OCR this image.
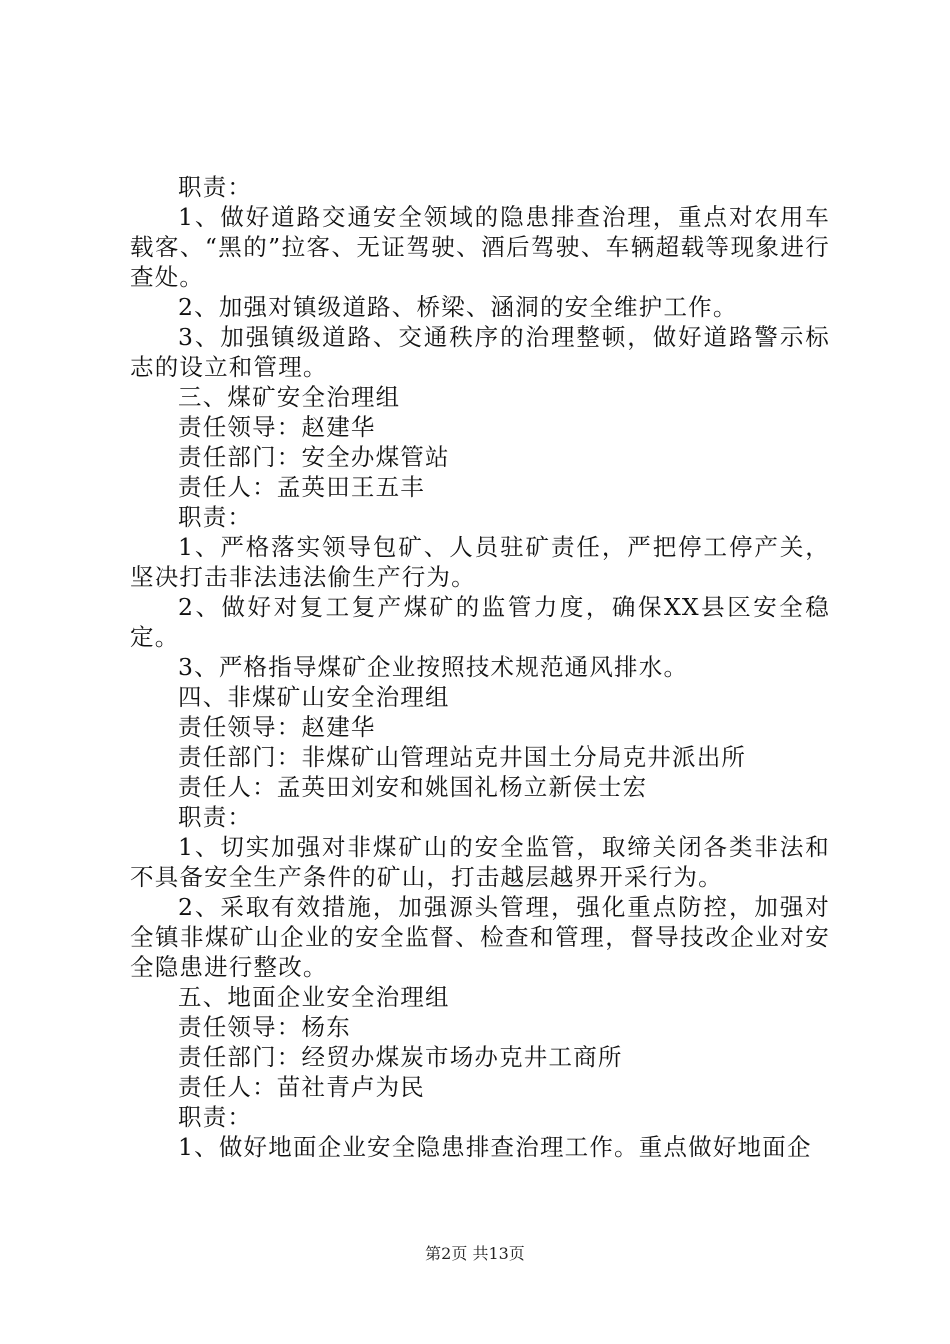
职责：

1、做好道路交通安全领域的隐患排查治理，重点对农用车载客、“黑的”拉客、无证驾驶、酒后驾驶、车辆超载等现象进行查处。

2、加强对镇级道路、桥梁、涵洞的安全维护工作。

3、加强镇级道路、交通秩序的治理整顿，做好道路警示标志的设立和管理。

三、煤矿安全治理组

责任领导：赵建华

责任部门：安全办煤管站

责任人：孟英田王五丰

职责：

1、严格落实领导包矿、人员驻矿责任，严把停工停产关，坚决打击非法违法偷生产行为。

2、做好对复工复产煤矿的监管力度，确保XX县区安全稳定。

3、严格指导煤矿企业按照技术规范通风排水。

四、非煤矿山安全治理组

责任领导：赵建华

责任部门：非煤矿山管理站克井国土分局克井派出所

责任人：孟英田刘安和姚国礼杨立新侯士宏

职责：

1、切实加强对非煤矿山的安全监管，取缔关闭各类非法和不具备安全生产条件的矿山，打击越层越界开采行为。

2、采取有效措施，加强源头管理，强化重点防控，加强对全镇非煤矿山企业的安全监督、检查和管理，督导技改企业对安全隐患进行整改。

五、地面企业安全治理组

责任领导：杨东

责任部门：经贸办煤炭市场办克井工商所

责任人：苗社青卢为民

职责：

1、做好地面企业安全隐患排查治理工作。重点做好地面企

第2页 共13页
